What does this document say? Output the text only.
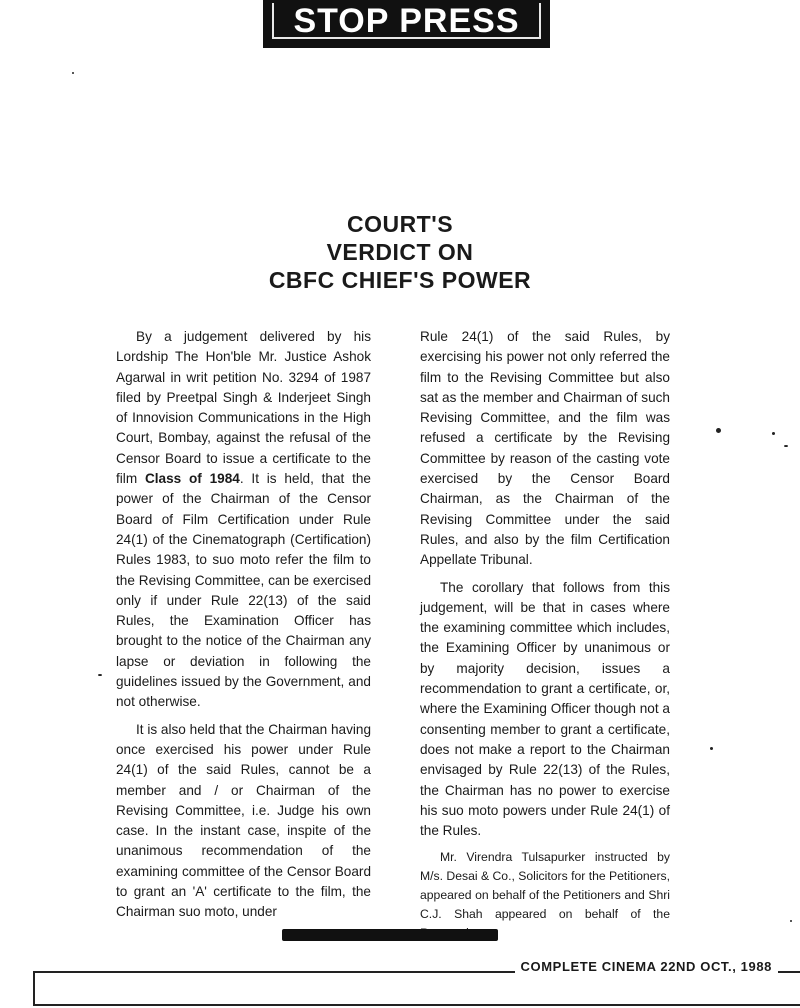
STOP PRESS
COURT'S
VERDICT ON
CBFC CHIEF'S POWER

By a judgement delivered by his Lordship The Hon'ble Mr. Justice Ashok Agarwal in writ petition No. 3294 of 1987 filed by Preetpal Singh & Inderjeet Singh of Innovision Communications in the High Court, Bombay, against the refusal of the Censor Board to issue a certificate to the film Class of 1984. It is held, that the power of the Chairman of the Censor Board of Film Certification under Rule 24(1) of the Cinematograph (Certification) Rules 1983, to suo moto refer the film to the Revising Committee, can be exercised only if under Rule 22(13) of the said Rules, the Examination Officer has brought to the notice of the Chairman any lapse or deviation in following the guidelines issued by the Government, and not otherwise.

It is also held that the Chairman having once exercised his power under Rule 24(1) of the said Rules, cannot be a member and / or Chairman of the Revising Committee, i.e. Judge his own case. In the instant case, inspite of the unanimous recommendation of the examining committee of the Censor Board to grant an 'A' certificate to the film, the Chairman suo moto, under

Rule 24(1) of the said Rules, by exercising his power not only referred the film to the Revising Committee but also sat as the member and Chairman of such Revising Committee, and the film was refused a certificate by the Revising Committee by reason of the casting vote exercised by the Censor Board Chairman, as the Chairman of the Revising Committee under the said Rules, and also by the film Certification Appellate Tribunal.

The corollary that follows from this judgement, will be that in cases where the examining committee which includes, the Examining Officer by unanimous or by majority decision, issues a recommendation to grant a certificate, or, where the Examining Officer though not a consenting member to grant a certificate, does not make a report to the Chairman envisaged by Rule 22(13) of the Rules, the Chairman has no power to exercise his suo moto powers under Rule 24(1) of the Rules.

Mr. Virendra Tulsapurker instructed by M/s. Desai & Co., Solicitors for the Petitioners, appeared on behalf of the Petitioners and Shri C.J. Shah appeared on behalf of the

COMPLETE CINEMA 22ND OCT., 1988
